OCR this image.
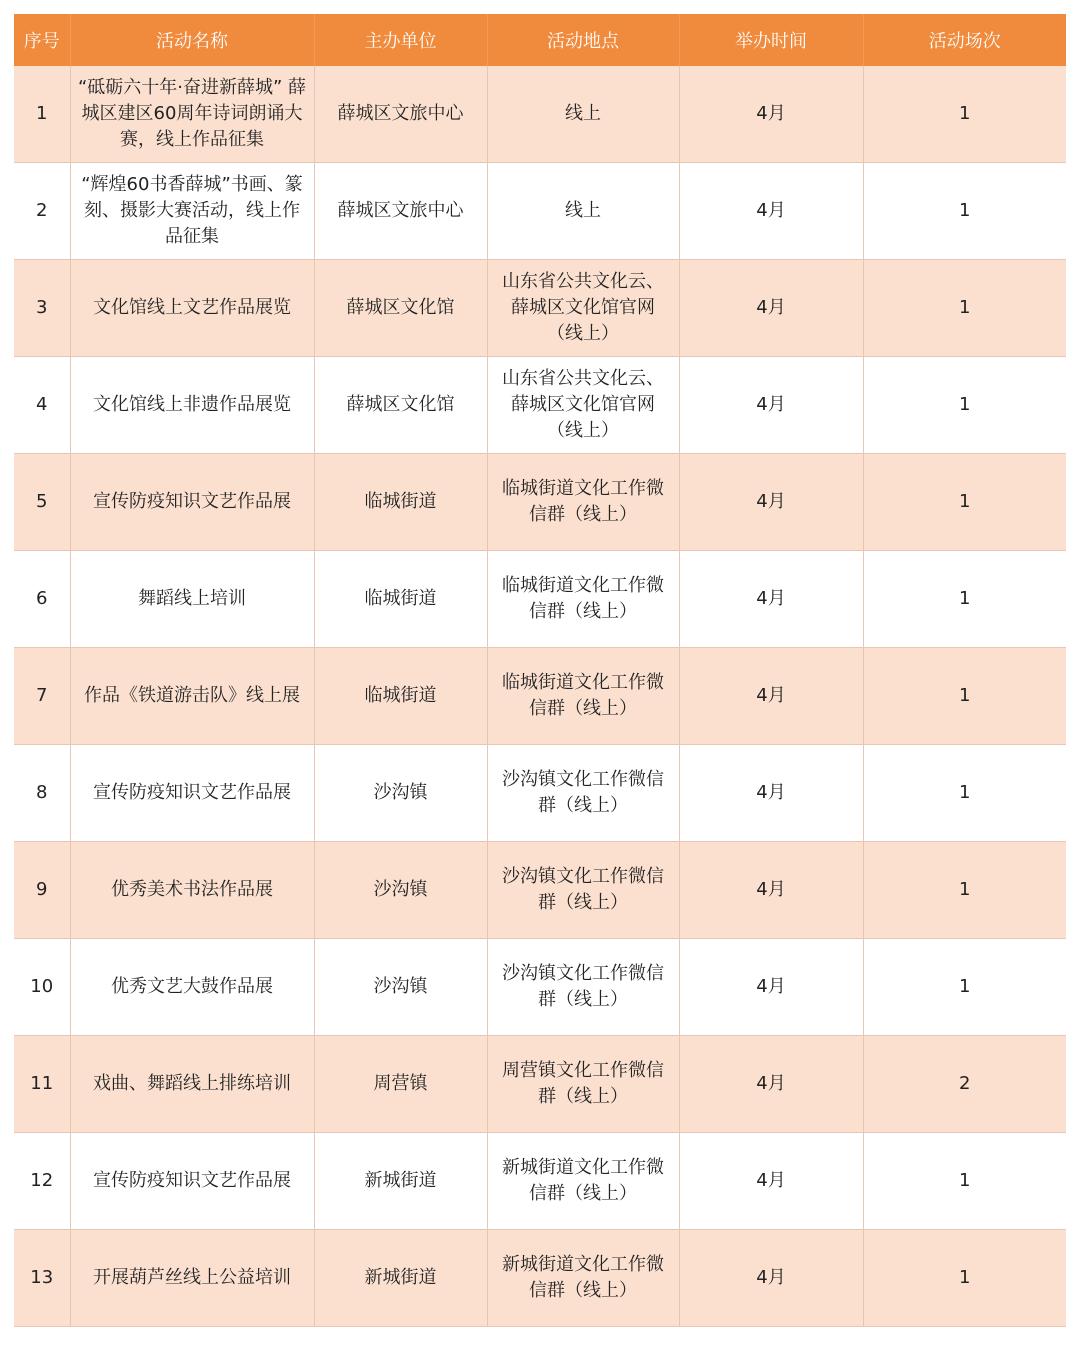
序号	活动名称	主办单位	活动地点	举办时间	活动场次
1	“砥砺六十年·奋进新薛城” 薛城区建区60周年诗词朗诵大赛，线上作品征集	薛城区文旅中心	线上	4月	1
2	“辉煌60书香薛城”书画、篆刻、摄影大赛活动，线上作品征集	薛城区文旅中心	线上	4月	1
3	文化馆线上文艺作品展览	薛城区文化馆	山东省公共文化云、薛城区文化馆官网（线上）	4月	1
4	文化馆线上非遗作品展览	薛城区文化馆	山东省公共文化云、薛城区文化馆官网（线上）	4月	1
5	宣传防疫知识文艺作品展	临城街道	临城街道文化工作微信群（线上）	4月	1
6	舞蹈线上培训	临城街道	临城街道文化工作微信群（线上）	4月	1
7	作品《铁道游击队》线上展	临城街道	临城街道文化工作微信群（线上）	4月	1
8	宣传防疫知识文艺作品展	沙沟镇	沙沟镇文化工作微信群（线上）	4月	1
9	优秀美术书法作品展	沙沟镇	沙沟镇文化工作微信群（线上）	4月	1
10	优秀文艺大鼓作品展	沙沟镇	沙沟镇文化工作微信群（线上）	4月	1
11	戏曲、舞蹈线上排练培训	周营镇	周营镇文化工作微信群（线上）	4月	2
12	宣传防疫知识文艺作品展	新城街道	新城街道文化工作微信群（线上）	4月	1
13	开展葫芦丝线上公益培训	新城街道	新城街道文化工作微信群（线上）	4月	1
